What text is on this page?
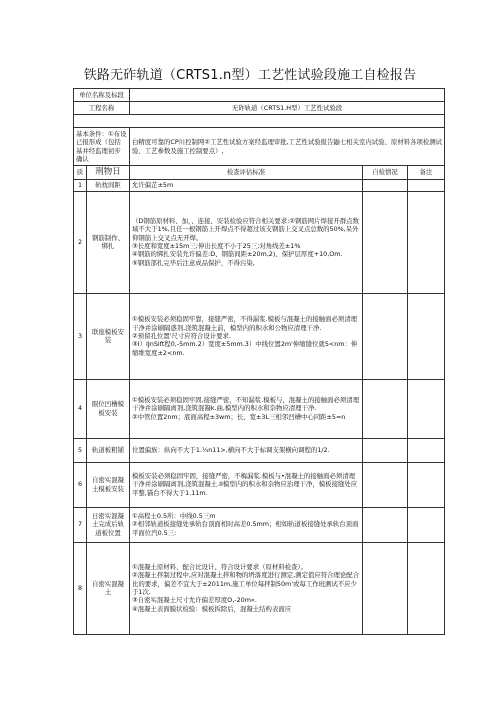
铁路无砟轨道（CRTS1.n型）工艺性试验段施工自检报告
单位名称及标段				
工程名称		无砟轨道（CRTS1.H型）工艺性试验段		

基本条件：①布设已报形成（包括基并经监理初步确认		白精度可靠的CP川控制网②工艺性试验方案经监理审批,工艺性试验报告鼬七相关室内试验、原材料各项检测试验、工艺参数及施工控制要点）,		
质	刑物日	检查评估标准	自检情况	备注
1	轨枕间距	允许偏芷±5m		

2	钢筋制作、绑扎	（D钢筋原材料、加，、连接、安装检验应符合相关要求:②钢筋网片焊接开群点数域不大于1%,且任一根钢筋上开焊点不得超过该支钢筋上交叉点总数的50%,呆外仰钢筋上交叉点无开焊。
③长度和宽度±15m三;伸出长度不小于25三;对角线差±1%
④钢筋的绑扎安装允许偏差:D、钢筋间距±20m,2)、保护层厚度+10,Om.
⑤钢筋部扎完毕后注意成品保护，不得污染,		

3	联座模板安装	①模板安装必须稳固牢靠，接缝严密，不得漏浆.模板与混凝土的接触面必须清理干净并涂刷隔惑剂,浇筑混凝土前，模型内的积水和公物应清理干净.
②预留孔位置'尺寸应符合设计要求.
③I）IJnSift程0,-5mm.2）宽度±5mm.3）中线位置2m'伸缩缝位就5<nm：伸缩维宽度±2<nm.		

4	限位凹槽模板安装	①模板安装必须稳固牢固,接缝严密，不知漏浆.模板与，混凝土的接触面必须清理干净并涂刷隔离剂,浇筑混凝k.曲,模型内的积水和杂物应清理干净.
②中管位置2nm；底面高程±3wm；长、宽±3L三相邻凹槽中心同距±5=n		

5	轨道板粗铺	位置偏族：纵向不大于1.¼n11>,横向不大于标调支架横向调程的1/2.		

6	自密实混凝土模板安装	模板安装必须稳固牢固，接缝严密，不梅漏浆.模板与•混凝土的接触面必须清理干净并涂刷隔离剂,浇筑混凝土.II模型内的积水和杂物应治理干净，模板接缝处应平整,锚台不得大于1.11m.		

7	日密实混凝土完成后轨道板位置	①高程士0.5所：中线0.5三m
②相邻轨道板接缝处承轨台顶面相时高差0.5mm；相如轨道板接缝处承轨台顶面平面位汽0.5三:		

8	自密实混凝土	①混凝土原材料、配合比设计、符合设计要求（原材料检查）。
②混凝土拌制过程中,应对混凝土拌和物的坍落度进行测定,测定值应符合理论配合比的要求，偏差不宜大于±2011m,施工单位每拌制50m'或每工作班测试不应少于1次.
③自密实混凝土尺寸允许偏差厚度O,-20m«.
④混凝土表面膜状检验：模板拆除后，混凝土结构表面应		
